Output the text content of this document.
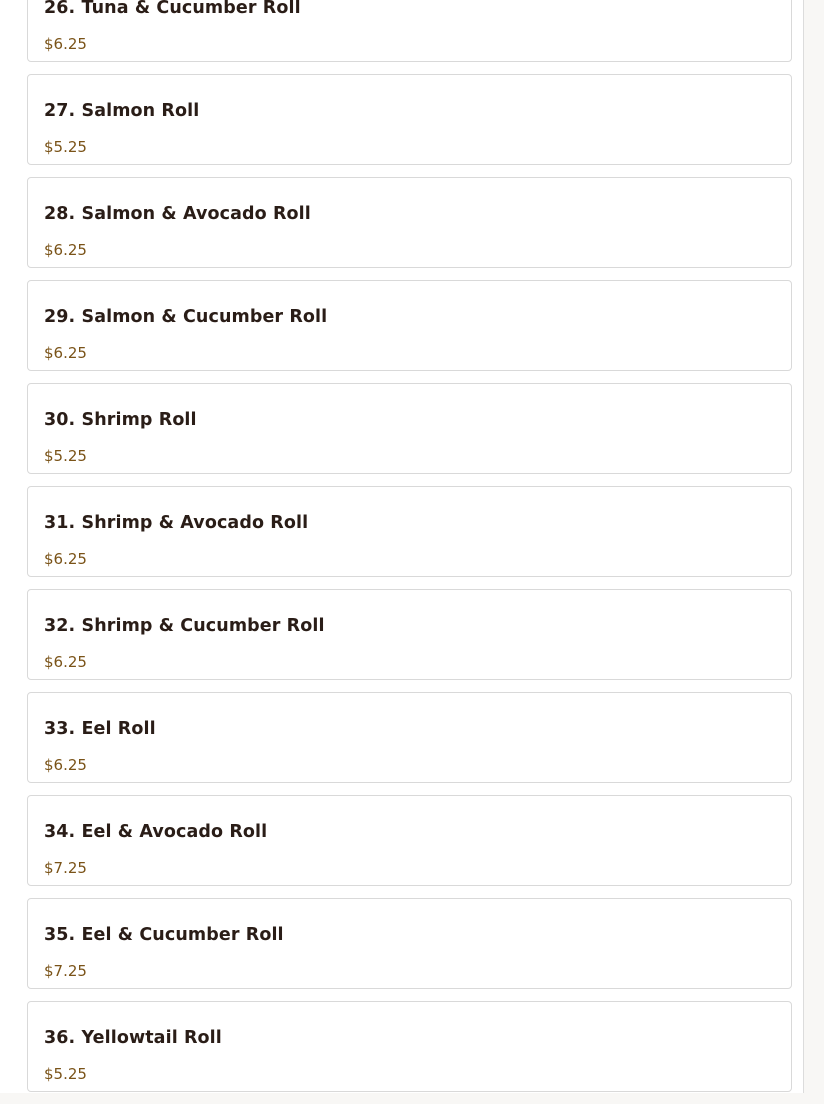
26. Tuna & Cucumber Roll
$6.25
27. Salmon Roll
$5.25
28. Salmon & Avocado Roll
$6.25
29. Salmon & Cucumber Roll
$6.25
30. Shrimp Roll
$5.25
31. Shrimp & Avocado Roll
$6.25
32. Shrimp & Cucumber Roll
$6.25
33. Eel Roll
$6.25
34. Eel & Avocado Roll
$7.25
35. Eel & Cucumber Roll
$7.25
36. Yellowtail Roll
$5.25
